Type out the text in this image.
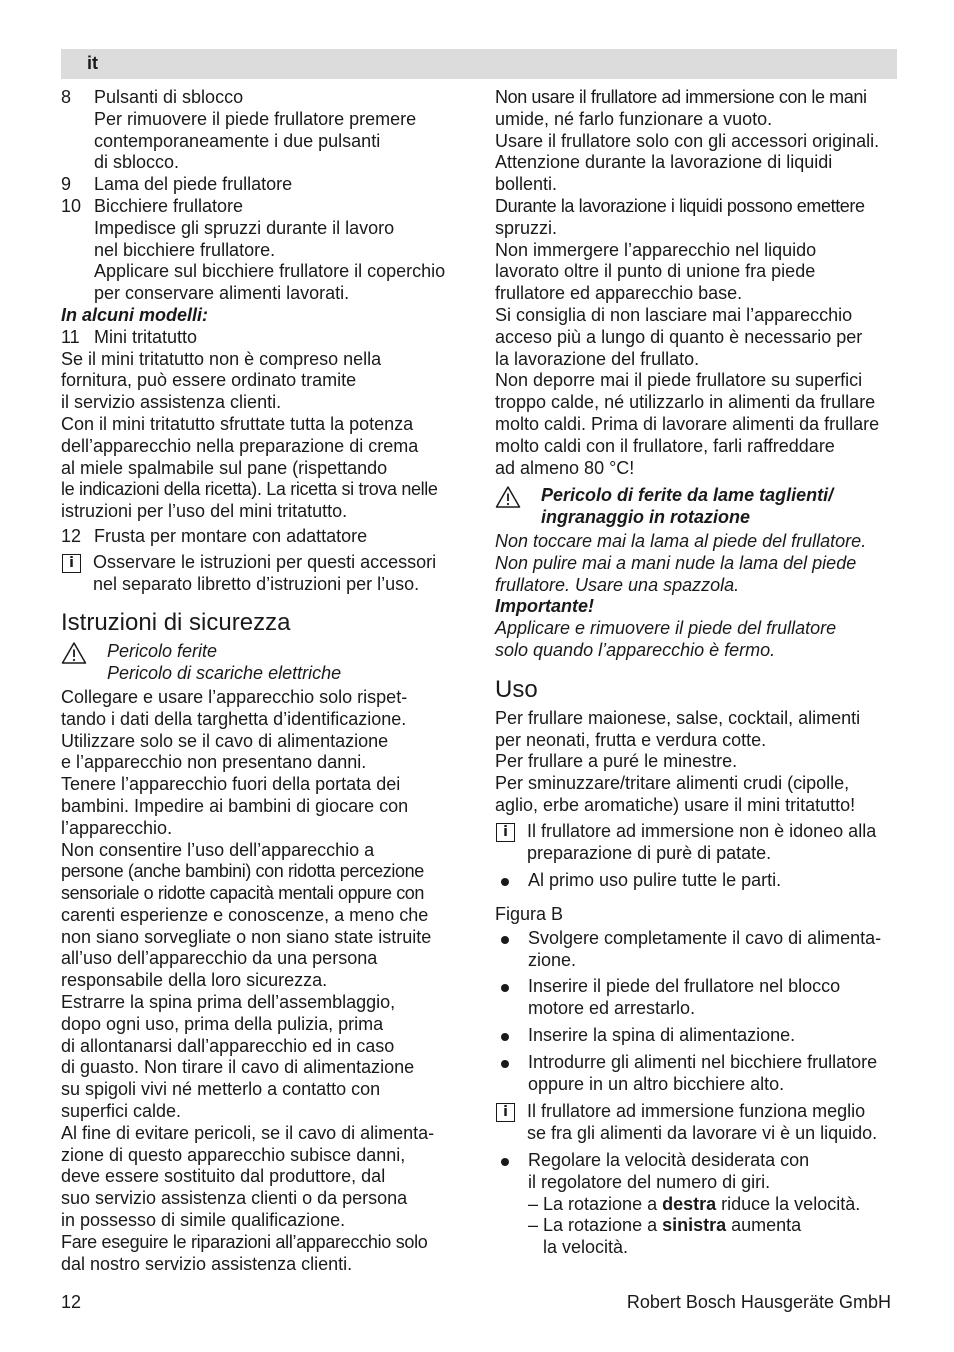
it
8	Pulsanti di sblocco
Per rimuovere il piede frullatore premere
contemporaneamente i due pulsanti
di sblocco.
9	Lama del piede frullatore
10 Bicchiere frullatore
Impedisce gli spruzzi durante il lavoro
nel bicchiere frullatore.
Applicare sul bicchiere frullatore il coperchio
per conservare alimenti lavorati.
In alcuni modelli:
11 Mini tritatutto
Se il mini tritatutto non è compreso nella
fornitura, può essere ordinato tramite
il servizio assistenza clienti.
Con il mini tritatutto sfruttate tutta la potenza
dell’apparecchio nella preparazione di crema
al miele spalmabile sul pane (rispettando
le indicazioni della ricetta). La ricetta si trova nelle
istruzioni per l’uso del mini tritatutto.
12 Frusta per montare con adattatore
i	Osservare le istruzioni per questi accessori
nel separato libretto d’istruzioni per l’uso.
Istruzioni di sicurezza
Pericolo ferite
Pericolo di scariche elettriche
Collegare e usare l’apparecchio solo rispet-
tando i dati della targhetta d’identificazione.
Utilizzare solo se il cavo di alimentazione
e l’apparecchio non presentano danni.
Tenere l’apparecchio fuori della portata dei
bambini. Impedire ai bambini di giocare con
l’apparecchio.
Non consentire l’uso dell’apparecchio a
persone (anche bambini) con ridotta percezione
sensoriale o ridotte capacità mentali oppure con
carenti esperienze e conoscenze, a meno che
non siano sorvegliate o non siano state istruite
all’uso dell’apparecchio da una persona
responsabile della loro sicurezza.
Estrarre la spina prima dell’assemblaggio,
dopo ogni uso, prima della pulizia, prima
di allontanarsi dall’apparecchio ed in caso
di guasto. Non tirare il cavo di alimentazione
su spigoli vivi né metterlo a contatto con
superfici calde.
Al fine di evitare pericoli, se il cavo di alimenta-
zione di questo apparecchio subisce danni,
deve essere sostituito dal produttore, dal
suo servizio assistenza clienti o da persona
in possesso di simile qualificazione.
Fare eseguire le riparazioni all’apparecchio solo
dal nostro servizio assistenza clienti.
Non usare il frullatore ad immersione con le mani
umide, né farlo funzionare a vuoto.
Usare il frullatore solo con gli accessori originali.
Attenzione durante la lavorazione di liquidi
bollenti.
Durante la lavorazione i liquidi possono emettere
spruzzi.
Non immergere l’apparecchio nel liquido
lavorato oltre il punto di unione fra piede
frullatore ed apparecchio base.
Si consiglia di non lasciare mai l’apparecchio
acceso più a lungo di quanto è necessario per
la lavorazione del frullato.
Non deporre mai il piede frullatore su superfici
troppo calde, né utilizzarlo in alimenti da frullare
molto caldi. Prima di lavorare alimenti da frullare
molto caldi con il frullatore, farli raffreddare
ad almeno 80 °C!
Pericolo di ferite da lame taglienti/
ingranaggio in rotazione
Non toccare mai la lama al piede del frullatore.
Non pulire mai a mani nude la lama del piede
frullatore. Usare una spazzola.
Importante!
Applicare e rimuovere il piede del frullatore
solo quando l’apparecchio è fermo.
Uso
Per frullare maionese, salse, cocktail, alimenti
per neonati, frutta e verdura cotte.
Per frullare a puré le minestre.
Per sminuzzare/tritare alimenti crudi (cipolle,
aglio, erbe aromatiche) usare il mini tritatutto!
i	Il frullatore ad immersione non è idoneo alla
preparazione di purè di patate.
Al primo uso pulire tutte le parti.
Figura B
Svolgere completamente il cavo di alimenta-
zione.
Inserire il piede del frullatore nel blocco
motore ed arrestarlo.
Inserire la spina di alimentazione.
Introdurre gli alimenti nel bicchiere frullatore
oppure in un altro bicchiere alto.
i	Il frullatore ad immersione funziona meglio
se fra gli alimenti da lavorare vi è un liquido.
Regolare la velocità desiderata con
il regolatore del numero di giri.
– La rotazione a destra riduce la velocità.
– La rotazione a sinistra aumenta
la velocità.
12	Robert Bosch Hausgeräte GmbH
